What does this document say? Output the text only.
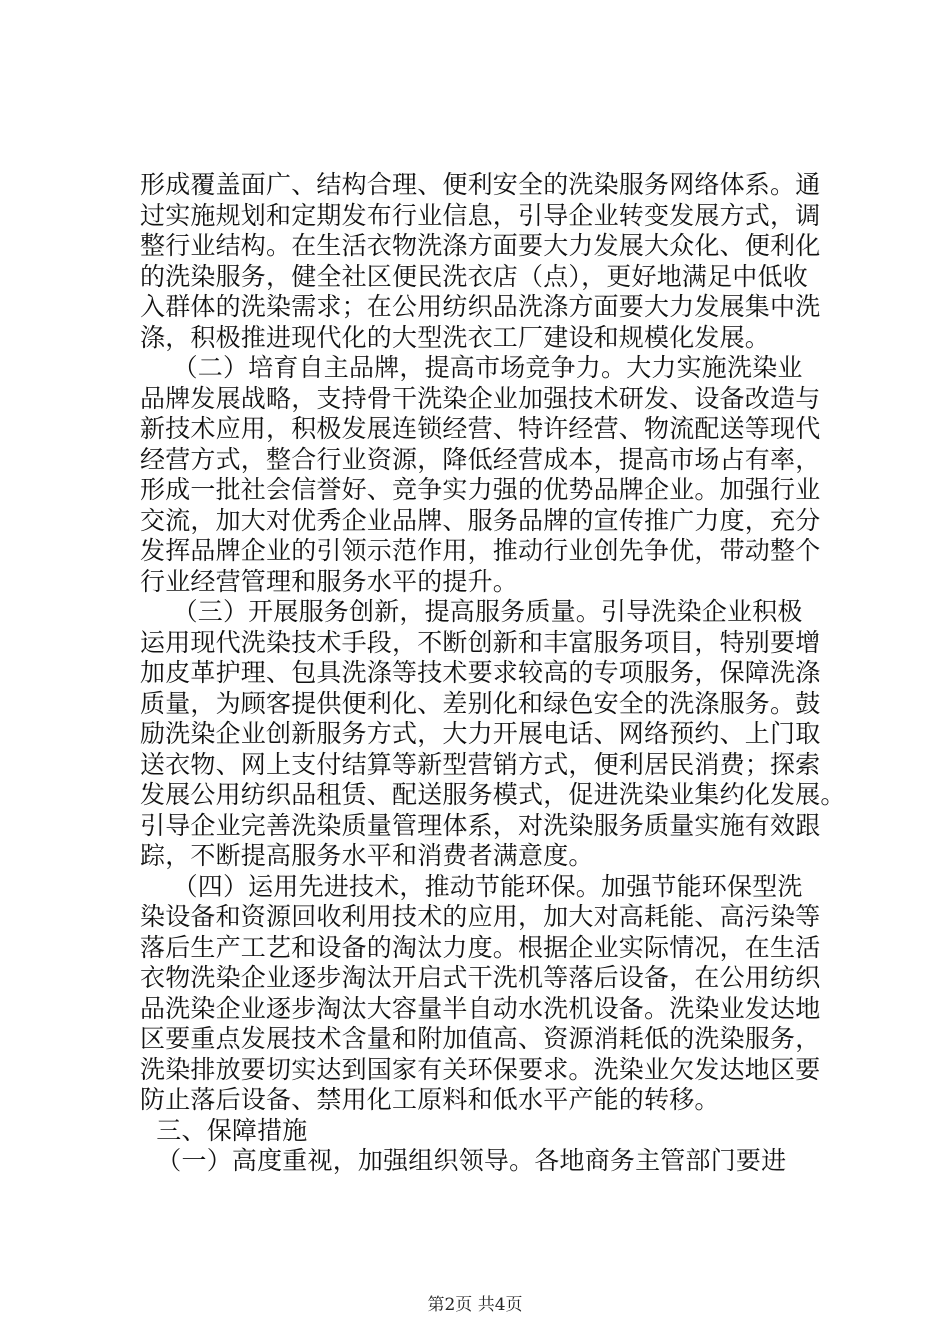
形成覆盖面广、结构合理、便利安全的洗染服务网络体系。通
过实施规划和定期发布行业信息，引导企业转变发展方式，调
整行业结构。在生活衣物洗涤方面要大力发展大众化、便利化
的洗染服务，健全社区便民洗衣店（点），更好地满足中低收
入群体的洗染需求；在公用纺织品洗涤方面要大力发展集中洗
涤，积极推进现代化的大型洗衣工厂建设和规模化发展。
（二）培育自主品牌，提高市场竞争力。大力实施洗染业
品牌发展战略，支持骨干洗染企业加强技术研发、设备改造与
新技术应用，积极发展连锁经营、特许经营、物流配送等现代
经营方式，整合行业资源，降低经营成本，提高市场占有率，
形成一批社会信誉好、竞争实力强的优势品牌企业。加强行业
交流，加大对优秀企业品牌、服务品牌的宣传推广力度，充分
发挥品牌企业的引领示范作用，推动行业创先争优，带动整个
行业经营管理和服务水平的提升。
（三）开展服务创新，提高服务质量。引导洗染企业积极
运用现代洗染技术手段，不断创新和丰富服务项目，特别要增
加皮革护理、包具洗涤等技术要求较高的专项服务，保障洗涤
质量，为顾客提供便利化、差别化和绿色安全的洗涤服务。鼓
励洗染企业创新服务方式，大力开展电话、网络预约、上门取
送衣物、网上支付结算等新型营销方式，便利居民消费；探索
发展公用纺织品租赁、配送服务模式，促进洗染业集约化发展。
引导企业完善洗染质量管理体系，对洗染服务质量实施有效跟
踪，不断提高服务水平和消费者满意度。
（四）运用先进技术，推动节能环保。加强节能环保型洗
染设备和资源回收利用技术的应用，加大对高耗能、高污染等
落后生产工艺和设备的淘汰力度。根据企业实际情况，在生活
衣物洗染企业逐步淘汰开启式干洗机等落后设备，在公用纺织
品洗染企业逐步淘汰大容量半自动水洗机设备。洗染业发达地
区要重点发展技术含量和附加值高、资源消耗低的洗染服务，
洗染排放要切实达到国家有关环保要求。洗染业欠发达地区要
防止落后设备、禁用化工原料和低水平产能的转移。
三、保障措施
（一）高度重视，加强组织领导。各地商务主管部门要进
第2页 共4页
